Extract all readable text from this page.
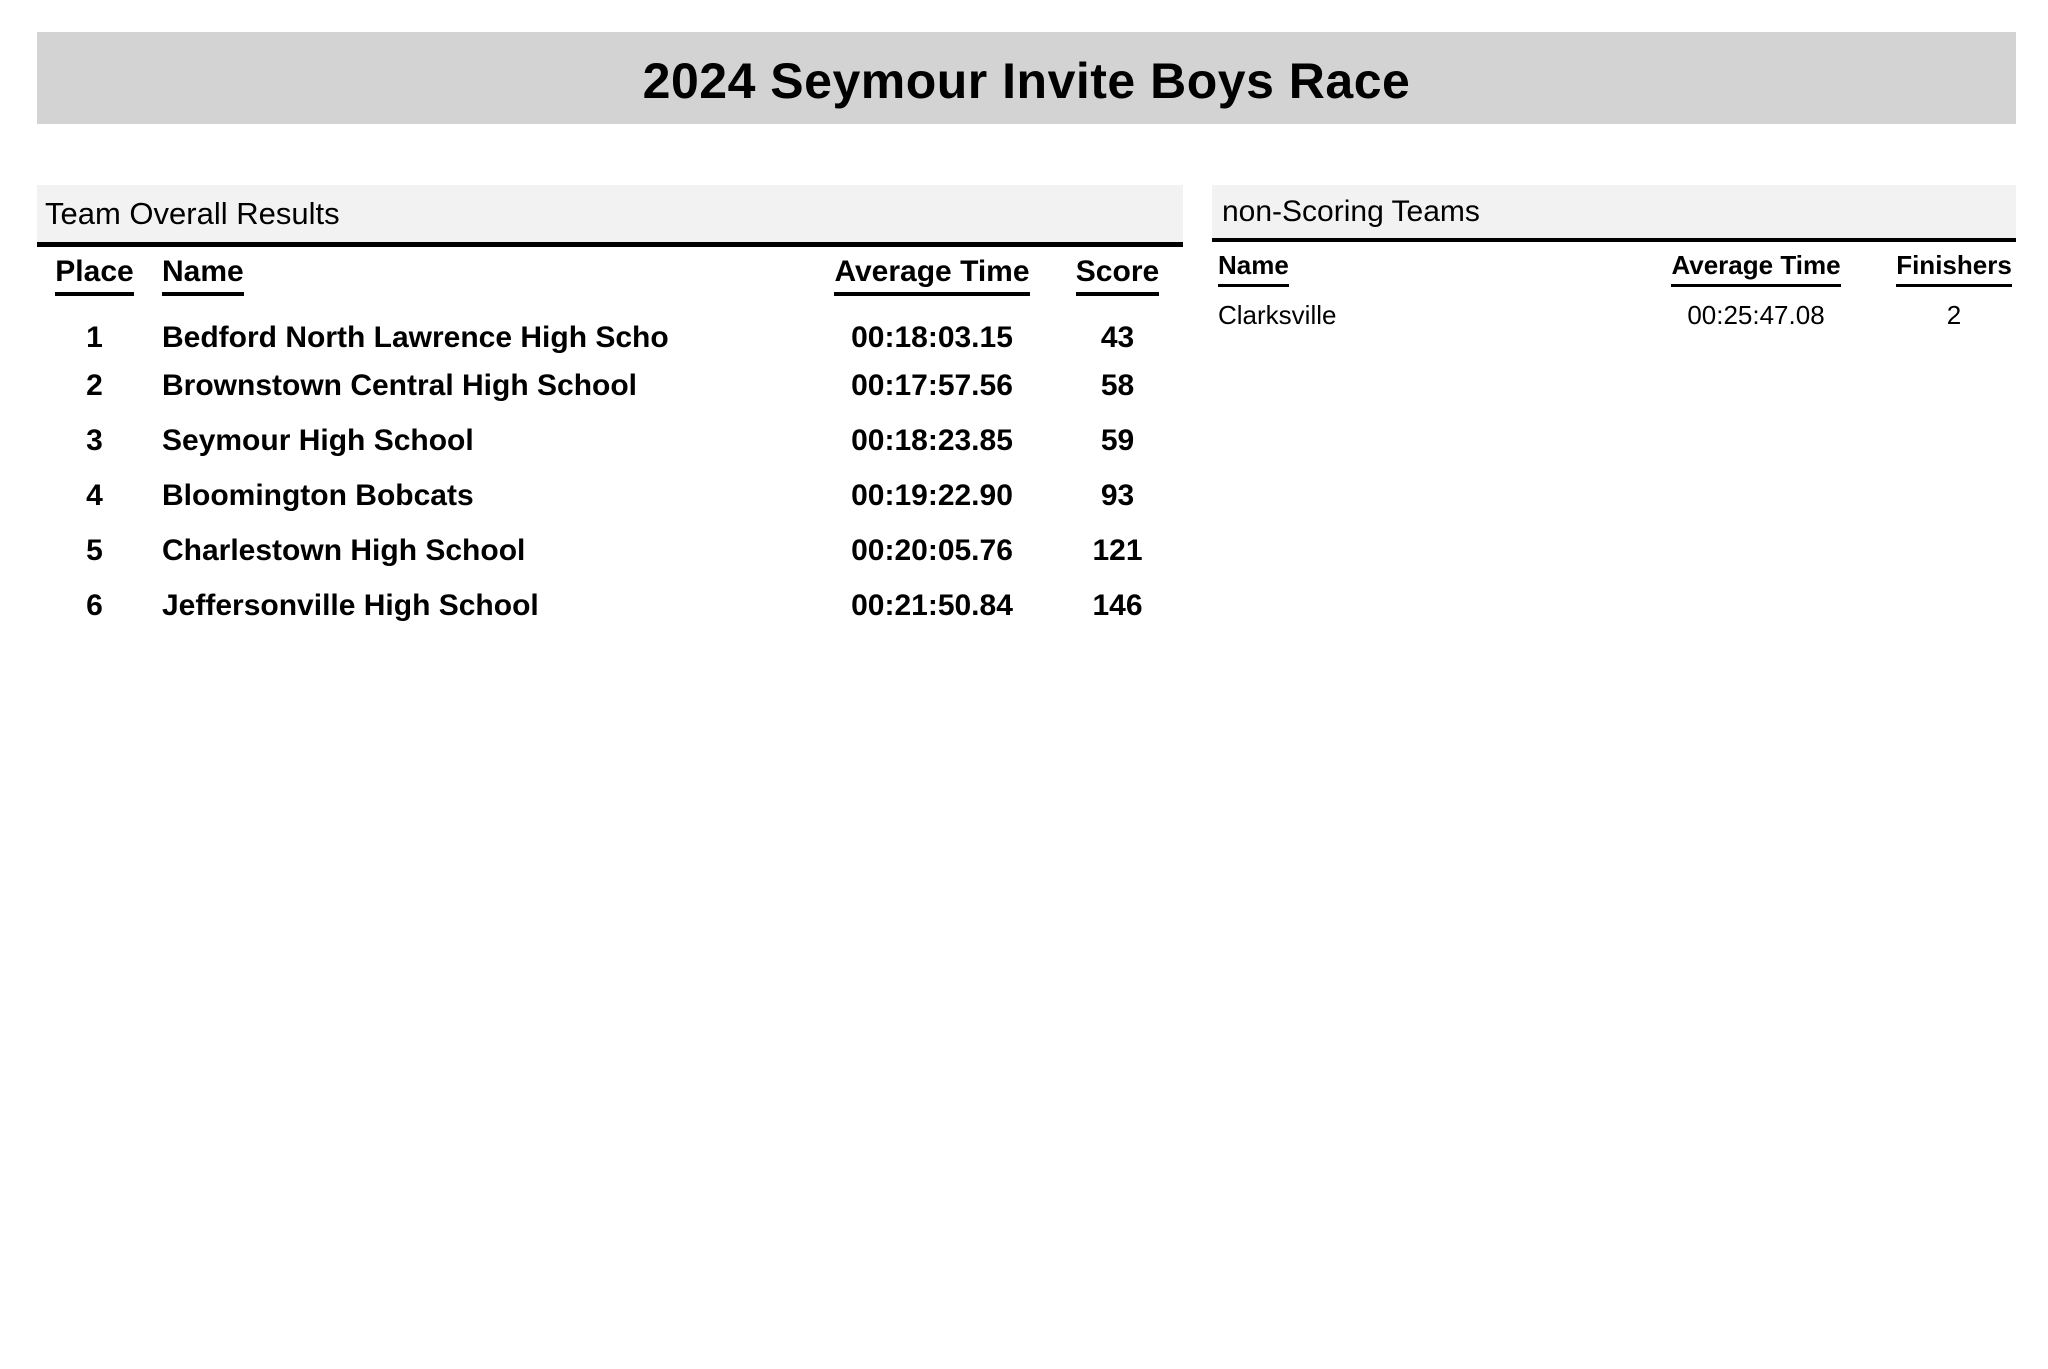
2024 Seymour Invite Boys Race
Team Overall Results
Place	Name	Average Time	Score
1	Bedford North Lawrence High Scho	00:18:03.15	43
2	Brownstown Central High School	00:17:57.56	58
3	Seymour High School	00:18:23.85	59
4	Bloomington Bobcats	00:19:22.90	93
5	Charlestown High School	00:20:05.76	121
6	Jeffersonville High School	00:21:50.84	146
non-Scoring Teams
Name	Average Time	Finishers
Clarksville	00:25:47.08	2
